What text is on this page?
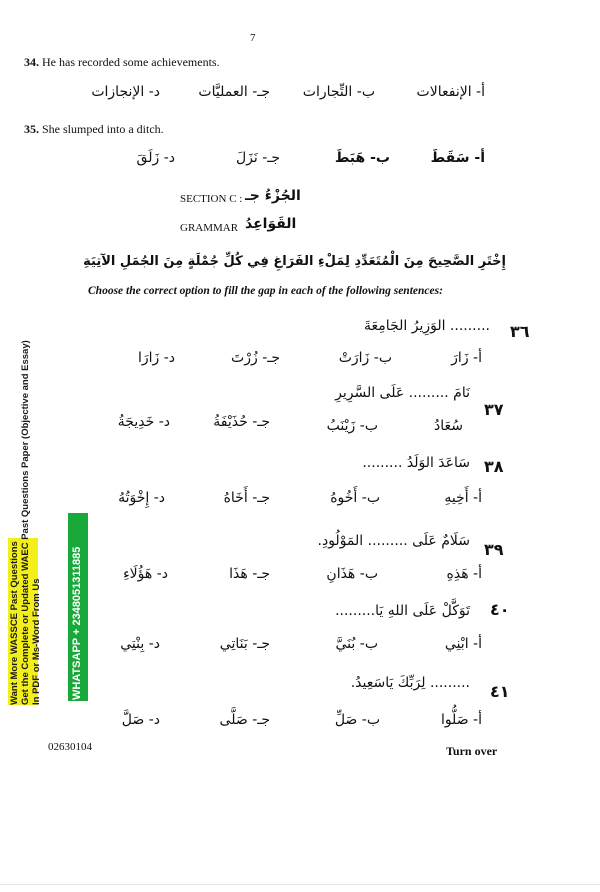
7
34. He has recorded some achievements.
أ- الإنفعالات
ب- التِّجارات
جـ- العمليَّات
د- الإنجازات
35. She slumped into a ditch.
أ- سَقَطَ
ب- هَبَطَ
جـ- نَزَلَ
د- زَلَقَ
SECTION C : الجُزْءُ جـ
GRAMMAR القَوَاعِدُ
إِخْتَرِ الصَّحِيحَ مِنَ الْمُتَعَدِّدِ لِمَلْءِ الفَرَاغِ فِي كُلِّ جُمْلَةٍ مِنَ الجُمَلِ الآتِيَةِ
Choose the correct option to fill the gap in each of the following sentences:
٣٦
......... الوَزِيرُ الجَامِعَةَ
أ- زَارَ
ب- زَارَتْ
جـ- زُرْتَ
د- زَارَا
٣٧
نَامَ ......... عَلَى السَّرِيرِ
سُعَادُ
ب- زَيْنَبُ
جـ- حُذَيْفَةُ
د- خَدِيجَةُ
٣٨
سَاعَدَ الوَلَدُ .........
أ- أَخِيهِ
ب- أَخُوهُ
جـ- أَخَاهُ
د- إِخْوَتُهُ
٣٩
سَلَامٌ عَلَى ......... المَوْلُودِ.
أ- هَذِهِ
ب- هَذَانِ
جـ- هَذَا
د- هَؤُلَاءِ
٤٠
تَوَكَّلْ عَلَى اللهِ يَا.........
أ- ابْنِي
ب- بُنَيَّ
جـ- بَنَاتِي
د- بِنْتِي
٤١
......... لِرَبِّكَ يَاسَعِيدُ.
أ- صَلُّوا
ب- صَلِّ
جـ- صَلَّى
د- صَلَّ
Want More WASSCE Past Questions Get the Complete or Updated WAEC Past Questions Paper (Objective and Essay) In PDF or Ms-Word From Us	WHATSAPP + 2348051311885
02630104	Turn over
